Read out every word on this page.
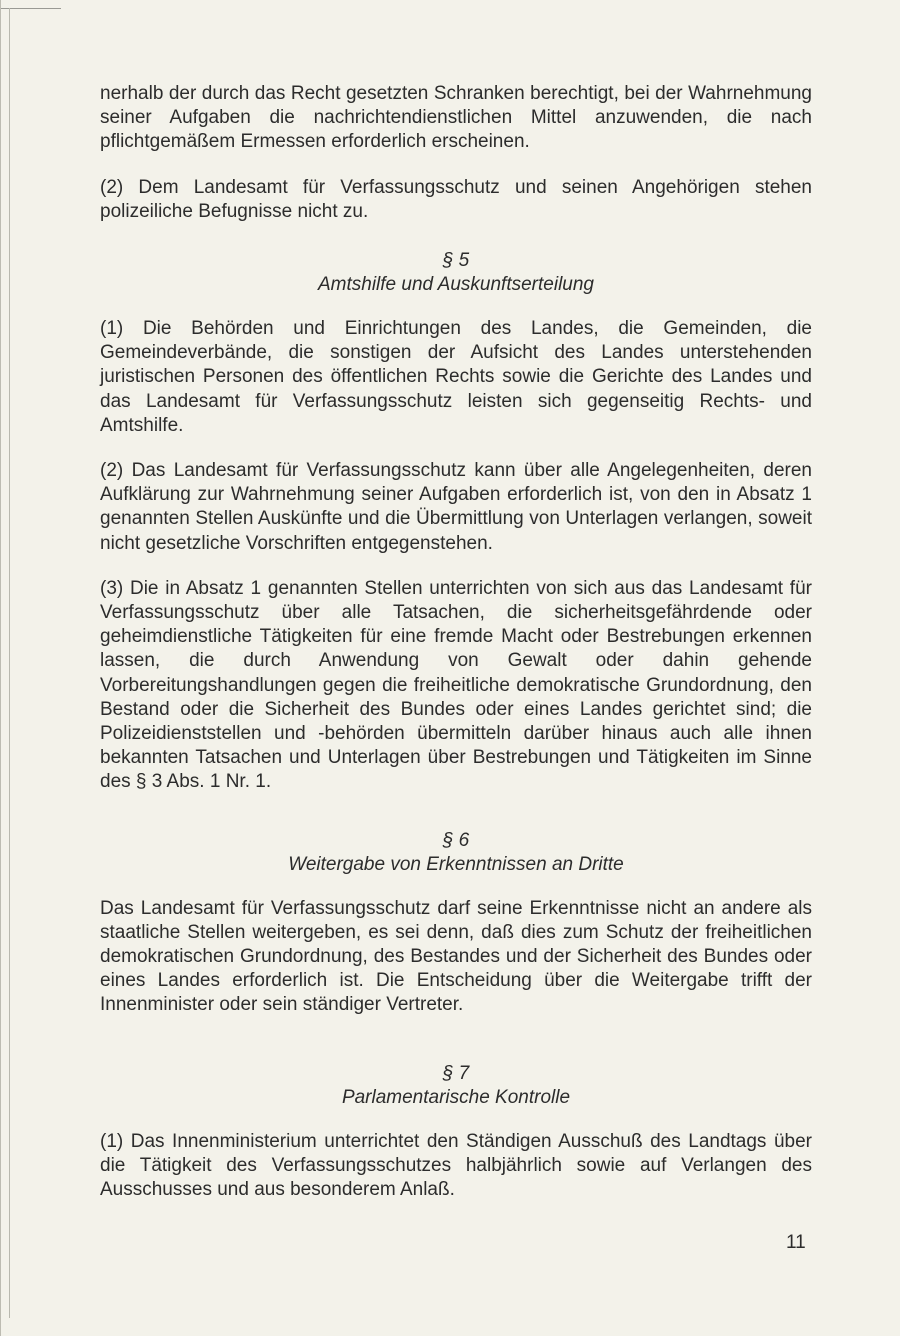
nerhalb der durch das Recht gesetzten Schranken berechtigt, bei der Wahrnehmung seiner Aufgaben die nachrichtendienstlichen Mittel anzuwenden, die nach pflichtgemäßem Ermessen erforderlich erscheinen.

(2) Dem Landesamt für Verfassungsschutz und seinen Angehörigen stehen polizeiliche Befugnisse nicht zu.

§ 5
Amtshilfe und Auskunftserteilung

(1) Die Behörden und Einrichtungen des Landes, die Gemeinden, die Gemeindeverbände, die sonstigen der Aufsicht des Landes unterstehenden juristischen Personen des öffentlichen Rechts sowie die Gerichte des Landes und das Landesamt für Verfassungsschutz leisten sich gegenseitig Rechts- und Amtshilfe.

(2) Das Landesamt für Verfassungsschutz kann über alle Angelegenheiten, deren Aufklärung zur Wahrnehmung seiner Aufgaben erforderlich ist, von den in Absatz 1 genannten Stellen Auskünfte und die Übermittlung von Unterlagen verlangen, soweit nicht gesetzliche Vorschriften entgegenstehen.

(3) Die in Absatz 1 genannten Stellen unterrichten von sich aus das Landesamt für Verfassungsschutz über alle Tatsachen, die sicherheitsgefährdende oder geheimdienstliche Tätigkeiten für eine fremde Macht oder Bestrebungen erkennen lassen, die durch Anwendung von Gewalt oder dahin gehende Vorbereitungshandlungen gegen die freiheitliche demokratische Grundordnung, den Bestand oder die Sicherheit des Bundes oder eines Landes gerichtet sind; die Polizeidienststellen und -behörden übermitteln darüber hinaus auch alle ihnen bekannten Tatsachen und Unterlagen über Bestrebungen und Tätigkeiten im Sinne des § 3 Abs. 1 Nr. 1.

§ 6
Weitergabe von Erkenntnissen an Dritte

Das Landesamt für Verfassungsschutz darf seine Erkenntnisse nicht an andere als staatliche Stellen weitergeben, es sei denn, daß dies zum Schutz der freiheitlichen demokratischen Grundordnung, des Bestandes und der Sicherheit des Bundes oder eines Landes erforderlich ist. Die Entscheidung über die Weitergabe trifft der Innenminister oder sein ständiger Vertreter.

§ 7
Parlamentarische Kontrolle

(1) Das Innenministerium unterrichtet den Ständigen Ausschuß des Landtags über die Tätigkeit des Verfassungsschutzes halbjährlich sowie auf Verlangen des Ausschusses und aus besonderem Anlaß.

11
